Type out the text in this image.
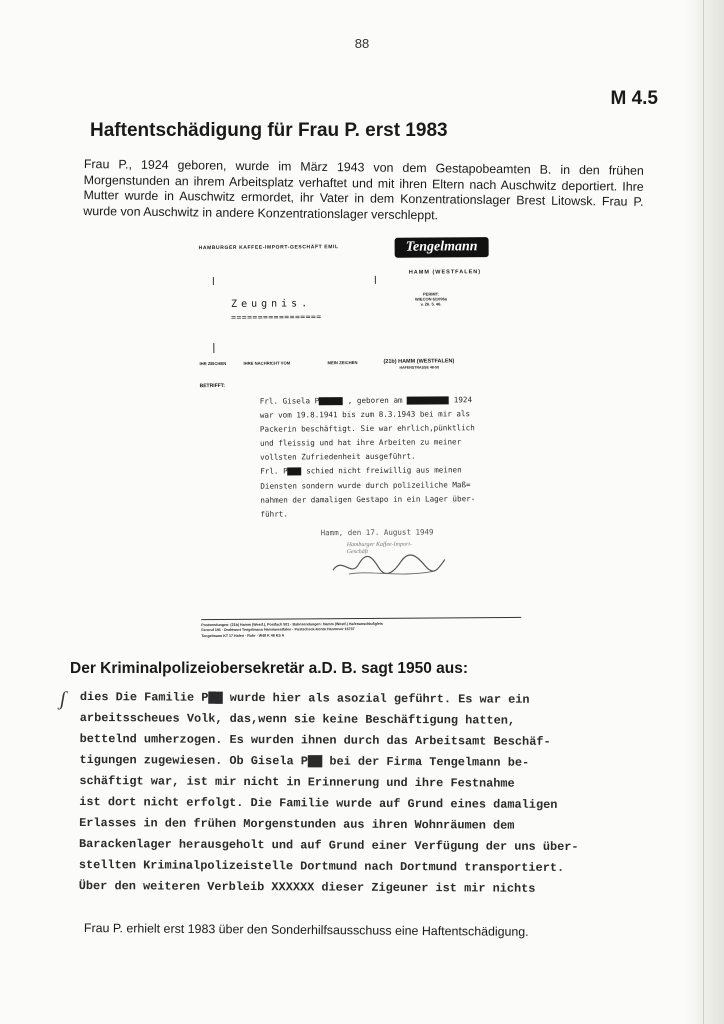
88
M 4.5
Haftentschädigung für Frau P. erst 1983

Frau P., 1924 geboren, wurde im März 1943 von dem Gestapobeamten B. in den frühen Morgenstunden an ihrem Arbeitsplatz verhaftet und mit ihren Eltern nach Auschwitz deportiert. Ihre Mutter wurde in Auschwitz ermordet, ihr Vater in dem Konzentrationslager Brest Litowsk. Frau P. wurde von Auschwitz in andere Konzentrationslager verschleppt.

HAMBURGER KAFFEE-IMPORT-GESCHÄFT EMIL	Tengelmann
HAMM (WESTFALEN)
PERMIT:
W/ECON 6/1096a
v. 26. 5. 46.
Zeugnis.
=================
IHR ZEICHEN	IHRE NACHRICHT VOM	MEIN ZEICHEN	(21b) HAMM (WESTFALEN)
HAFENSTRASSE 48-50
BETRIFFT:
Frl. Gisela P	, geboren am	1924
war vom 19.8.1941 bis zum 8.3.1943 bei mir als
Packerin beschäftigt. Sie war ehrlich,pünktlich
und fleissig und hat ihre Arbeiten zu meiner
vollsten Zufriedenheit ausgeführt.
Frl. P schied nicht freiwillig aus meinen
Diensten sondern wurde durch polizeiliche Maß=
nahmen der damaligen Gestapo in ein Lager über-
führt.
Hamm, den 17. August 1949
Hamburger Kaffee-Import-
Geschäft
Postsendungen: (21b) Hamm (Westf.), Postfach 501 · Bahnsendungen: Hamm (Westf.) Hafenanschlußgleis
Fernruf 191 · Drahtwort Tengelmann Hammwestfalen · Postscheck-Konto Hannover 16737
Tengelmann KT 17 Hafen · Ruhr · W48 K 48 KS A
Der Kriminalpolizeiobersekretär a.D. B. sagt 1950 aus:
ʃ dies Die Familie P▇▇ wurde hier als asozial geführt. Es war ein
arbeitsscheues Volk, das,wenn sie keine Beschäftigung hatten,
bettelnd umherzogen. Es wurden ihnen durch das Arbeitsamt Beschäf-
tigungen zugewiesen. Ob Gisela P▇▇ bei der Firma Tengelmann be-
schäftigt war, ist mir nicht in Erinnerung und ihre Festnahme
ist dort nicht erfolgt. Die Familie wurde auf Grund eines damaligen
Erlasses in den frühen Morgenstunden aus ihren Wohnräumen dem
Barackenlager herausgeholt und auf Grund einer Verfügung der uns über-
stellten Kriminalpolizeistelle Dortmund nach Dortmund transportiert.
Über den weiteren Verbleib XXXXXX dieser Zigeuner ist mir nichts

Frau P. erhielt erst 1983 über den Sonderhilfsausschuss eine Haftentschädigung.
